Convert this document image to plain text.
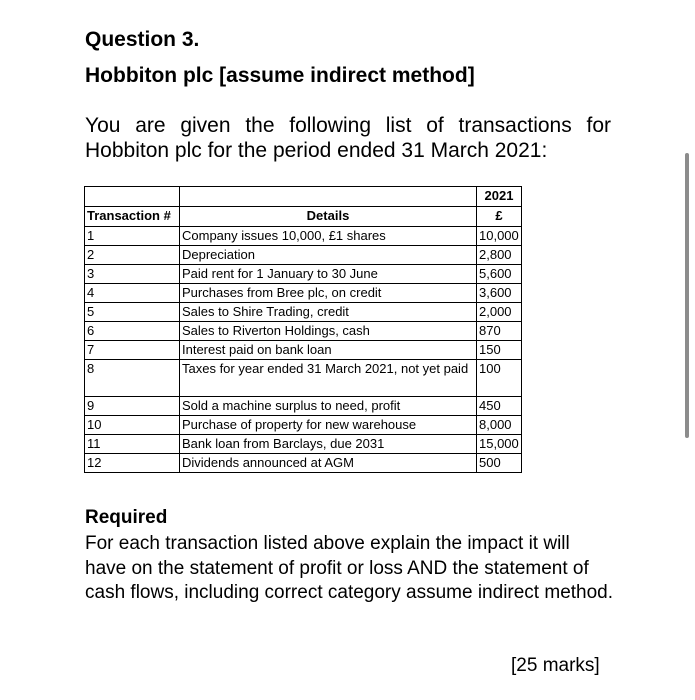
Question 3.
Hobbiton plc [assume indirect method]
You are given the following list of transactions for Hobbiton plc for the period ended 31 March 2021:
		2021
Transaction #	Details	£
1	Company issues 10,000, £1 shares	10,000
2	Depreciation	2,800
3	Paid rent for 1 January to 30 June	5,600
4	Purchases from Bree plc, on credit	3,600
5	Sales to Shire Trading, credit	2,000
6	Sales to Riverton Holdings, cash	870
7	Interest paid on bank loan	150
8	Taxes for year ended 31 March 2021, not yet paid	100
9	Sold a machine surplus to need, profit	450
10	Purchase of property for new warehouse	8,000
11	Bank loan from Barclays, due 2031	15,000
12	Dividends announced at AGM	500
Required
For each transaction listed above explain the impact it will have on the statement of profit or loss AND the statement of cash flows, including correct category assume indirect method.
[25 marks]
